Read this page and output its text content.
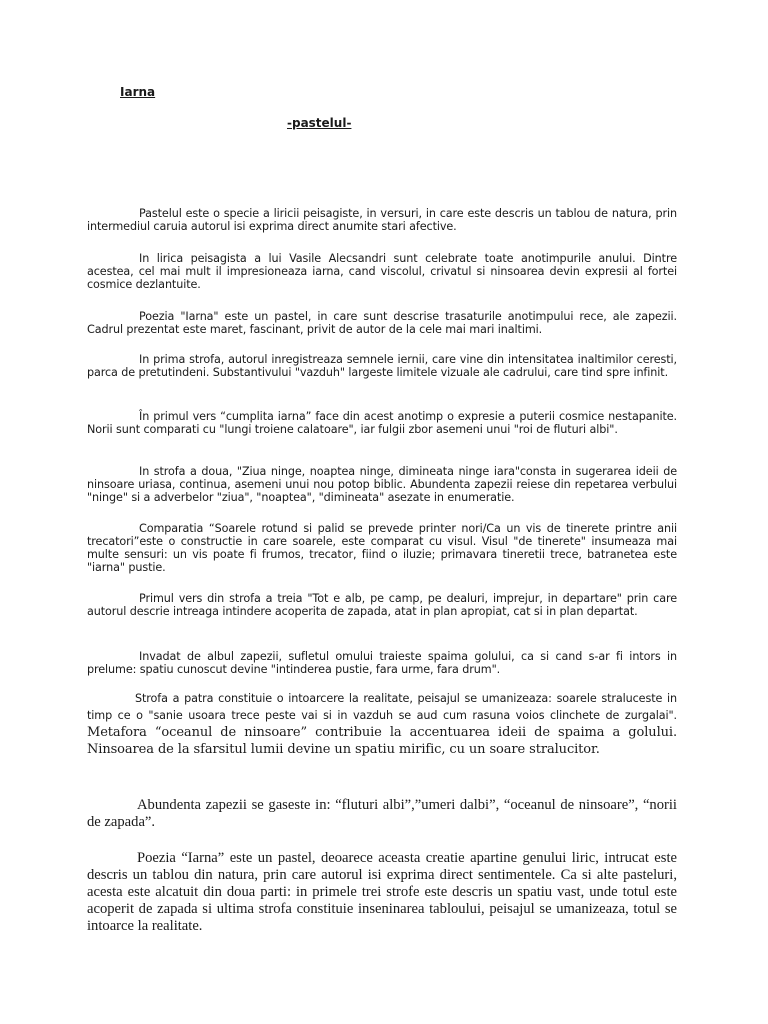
Iarna
-pastelul-

Pastelul este o specie a liricii peisagiste, in versuri, in care este descris un tablou de natura, prin intermediul caruia autorul isi exprima direct anumite stari afective.

In lirica peisagista a lui Vasile Alecsandri sunt celebrate toate anotimpurile anului. Dintre acestea, cel mai mult il impresioneaza iarna, cand viscolul, crivatul si ninsoarea devin expresii al fortei cosmice dezlantuite.

Poezia "Iarna" este un pastel, in care sunt descrise trasaturile anotimpului rece, ale zapezii. Cadrul prezentat este maret, fascinant, privit de autor de la cele mai mari inaltimi.

In prima strofa, autorul inregistreaza semnele iernii, care vine din intensitatea inaltimilor ceresti, parca de pretutindeni. Substantivului "vazduh" largeste limitele vizuale ale cadrului, care tind spre infinit.

În primul vers “cumplita iarna” face din acest anotimp o expresie a puterii cosmice nestapanite. Norii sunt comparati cu "lungi troiene calatoare", iar fulgii zbor asemeni unui "roi de fluturi albi".

In strofa a doua, "Ziua ninge, noaptea ninge, dimineata ninge iara"consta in sugerarea ideii de ninsoare uriasa, continua, asemeni unui nou potop biblic. Abundenta zapezii reiese din repetarea verbului "ninge" si a adverbelor "ziua", "noaptea", "dimineata" asezate in enumeratie.

Comparatia “Soarele rotund si palid se prevede printer nori/Ca un vis de tinerete printre anii trecatori”este o constructie in care soarele, este comparat cu visul. Visul "de tinerete" insumeaza mai multe sensuri: un vis poate fi frumos, trecator, fiind o iluzie; primavara tineretii trece, batranetea este "iarna" pustie.

Primul vers din strofa a treia "Tot e alb, pe camp, pe dealuri, imprejur, in departare" prin care autorul descrie intreaga intindere acoperita de zapada, atat in plan apropiat, cat si in plan departat.

Invadat de albul zapezii, sufletul omului traieste spaima golului, ca si cand s-ar fi intors in prelume: spatiu cunoscut devine "intinderea pustie, fara urme, fara drum".

Strofa a patra constituie o intoarcere la realitate, peisajul se umanizeaza: soarele straluceste in timp ce o "sanie usoara trece peste vai si in vazduh se aud cum rasuna voios clinchete de zurgalai". Metafora “oceanul de ninsoare” contribuie la accentuarea ideii de spaima a golului. Ninsoarea de la sfarsitul lumii devine un spatiu mirific, cu un soare stralucitor.

Abundenta zapezii se gaseste in: “fluturi albi”,”umeri dalbi”, “oceanul de ninsoare”, “norii de zapada”.

Poezia “Iarna” este un pastel, deoarece aceasta creatie apartine genului liric, intrucat este descris un tablou din natura, prin care autorul isi exprima direct sentimentele. Ca si alte pasteluri, acesta este alcatuit din doua parti: in primele trei strofe este descris un spatiu vast, unde totul este acoperit de zapada si ultima strofa constituie inseninarea tabloului, peisajul se umanizeaza, totul se intoarce la realitate.
